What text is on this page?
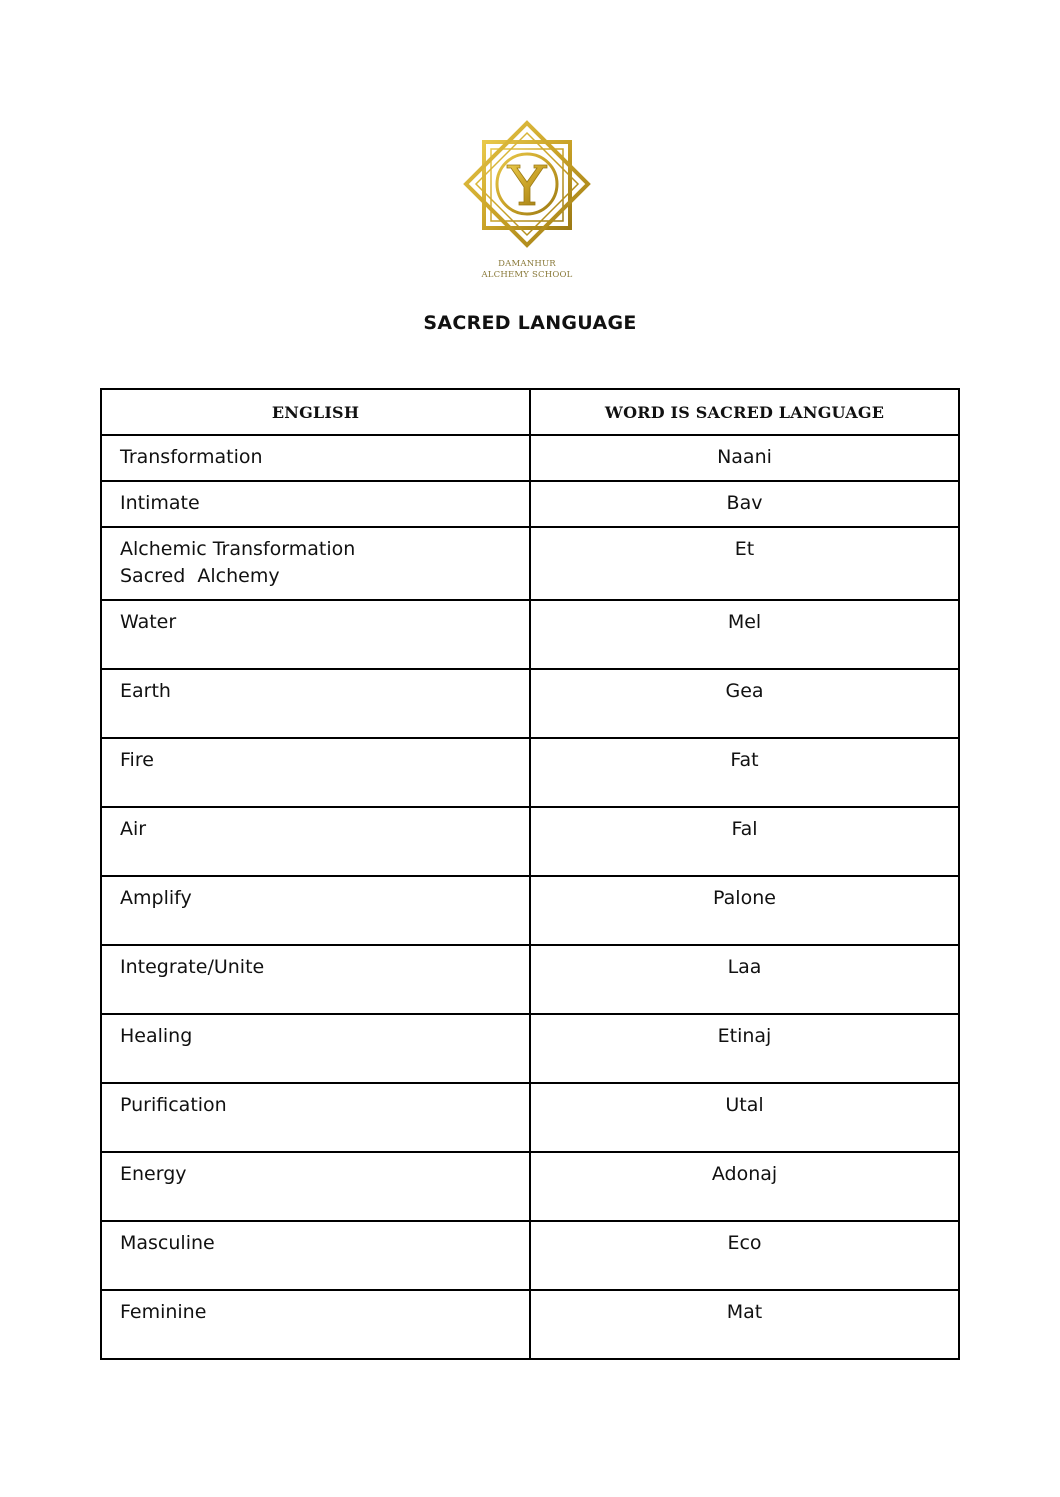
DAMANHUR
ALCHEMY SCHOOL
SACRED LANGUAGE
ENGLISH	WORD IS SACRED LANGUAGE

Transformation	Naani

Intimate	Bav

Alchemic Transformation
Sacred  Alchemy	Et

Water	Mel

Earth	Gea

Fire	Fat

Air	Fal

Amplify	Palone

Integrate/Unite	Laa

Healing	Etinaj

Purification	Utal

Energy	Adonaj

Masculine	Eco

Feminine	Mat
